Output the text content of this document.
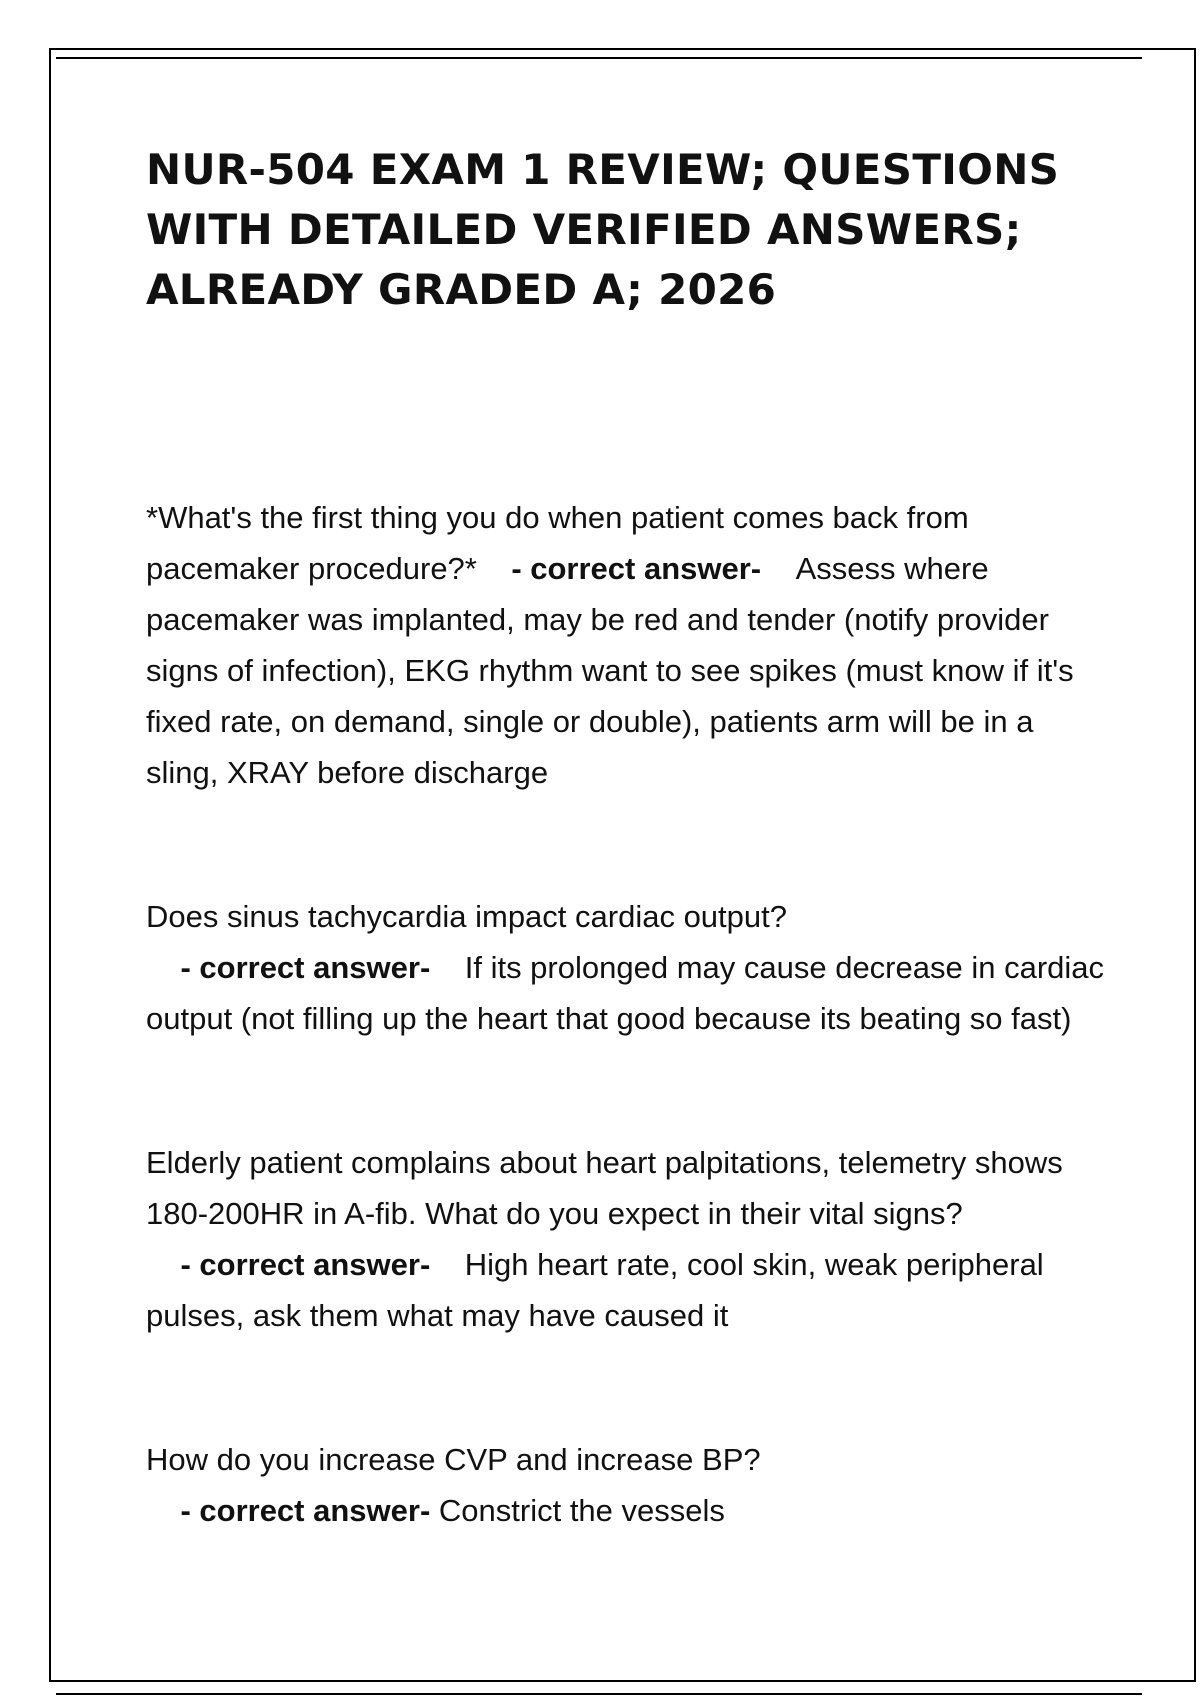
NUR-504 EXAM 1 REVIEW; QUESTIONS WITH DETAILED VERIFIED ANSWERS; ALREADY GRADED A; 2026

*What's the first thing you do when patient comes back from pacemaker procedure?* - correct answer- Assess where pacemaker was implanted, may be red and tender (notify provider signs of infection), EKG rhythm want to see spikes (must know if it's fixed rate, on demand, single or double), patients arm will be in a sling, XRAY before discharge

Does sinus tachycardia impact cardiac output?    - correct answer- If its prolonged may cause decrease in cardiac output (not filling up the heart that good because its beating so fast)

Elderly patient complains about heart palpitations, telemetry shows 180-200HR in A-fib. What do you expect in their vital signs?    - correct answer- High heart rate, cool skin, weak peripheral pulses, ask them what may have caused it

How do you increase CVP and increase BP?    - correct answer- Constrict the vessels
